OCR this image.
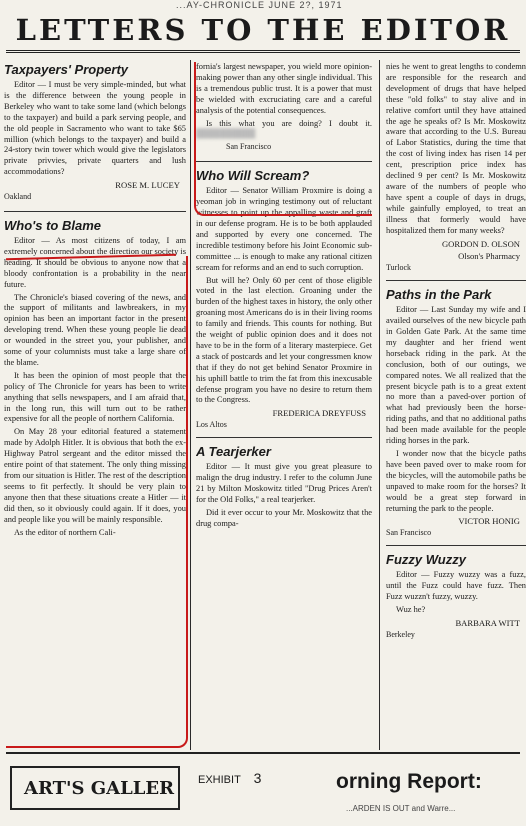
...AY-CHRONICLE JUNE 2?, 1971
LETTERS TO THE EDITOR
Taxpayers' Property

Editor — I must be very simple-minded, but what is the difference between the young people in Berkeley who want to take some land (which belongs to the taxpayer) and build a park serving people, and the old people in Sacramento who want to take $65 million (which belongs to the taxpayer) and build a 24-story twin tower which would give the legislators private privvies, private quarters and lush accommodations?

ROSE M. LUCEY
Oakland
Who's to Blame

Editor — As most citizens of today, I am extremely concerned about the direction our society is heading. It should be obvious to anyone now that a bloody confrontation is a probability in the near future.

The Chronicle's biased covering of the news, and the support of militants and lawbreakers, in my opinion has been an important factor in the present developing trend. When these young people lie dead or wounded in the street you, your publisher, and some of your columnists must take a large share of the blame.

It has been the opinion of most people that the policy of The Chronicle for years has been to write anything that sells newspapers, and I am afraid that, in the long run, this will turn out to be rather expensive for all the people of northern California.

On May 28 your editorial featured a statement made by Adolph Hitler. It is obvious that both the ex-Highway Patrol sergeant and the editor missed the entire point of that statement. The only thing missing from our situation is Hitler. The rest of the description seems to fit perfectly. It should be very plain to anyone then that these situations create a Hitler — it did then, so it obviously could again. If it does, you and people like you will be mainly responsible.

As the editor of northern Cali-

fornia's largest newspaper, you wield more opinion-making power than any other single individual. This is a tremendous public trust. It is a power that must be wielded with excruciating care and a careful analysis of the potential consequences.

Is this what you are doing? I doubt it. ██████████

San Francisco
Who Will Scream?

Editor — Senator William Proxmire is doing a yeoman job in wringing testimony out of reluctant witnesses to point up the appalling waste and graft in our defense program. He is to be both applauded and supported by every one concerned. The incredible testimony before his Joint Economic sub-committee ... is enough to make any rational citizen scream for reforms and an end to such corruption.

But will he? Only 60 per cent of those eligible voted in the last election. Groaning under the burden of the highest taxes in history, the only other groaning most Americans do is in their living rooms to family and friends. This counts for nothing. But the weight of public opinion does and it does not have to be in the form of a literary masterpiece. Get a stack of postcards and let your congressmen know that if they do not get behind Senator Proxmire in his uphill battle to trim the fat from this inexcusable defense program you have no desire to return them to the Congress.

FREDERICA DREYFUSS
Los Altos
A Tearjerker

Editor — It must give you great pleasure to malign the drug industry. I refer to the column June 21 by Milton Moskowitz titled "Drug Prices Aren't for the Old Folks," a real tearjerker.

Did it ever occur to your Mr. Moskowitz that the drug compa-

nies he went to great lengths to condemn are responsible for the research and development of drugs that have helped these "old folks" to stay alive and in relative comfort until they have attained the age he speaks of? Is Mr. Moskowitz aware that according to the U.S. Bureau of Labor Statistics, during the time that the cost of living index has risen 14 per cent, prescription price index has declined 9 per cent? Is Mr. Moskowitz aware of the numbers of people who have spent a couple of days in drugs, while gainfully employed, to treat an illness that formerly would have hospitalized them for many weeks?

GORDON D. OLSON
Olson's Pharmacy
Turlock
Paths in the Park

Editor — Last Sunday my wife and I availed ourselves of the new bicycle path in Golden Gate Park. At the same time my daughter and her friend went horseback riding in the park. At the conclusion, both of our outings, we compared notes. We all realized that the present bicycle path is to a great extent no more than a paved-over portion of what had previously been the horse-riding paths, and that no additional paths had been made available for the people riding horses in the park.

I wonder now that the bicycle paths have been paved over to make room for the bicycles, will the automobile paths be unpaved to make room for the horses? It would be a great step forward in returning the park to the people.

VICTOR HONIG
San Francisco
Fuzzy Wuzzy

Editor — Fuzzy wuzzy was a fuzz, until the Fuzz could have fuzz. Then Fuzz wuzzn't fuzzy, wuzzy.

Wuz he?

BARBARA WITT
Berkeley
ART'S GALLER	EXHIBIT 3	orning Report:
...ARDEN IS OUT and Warre...
